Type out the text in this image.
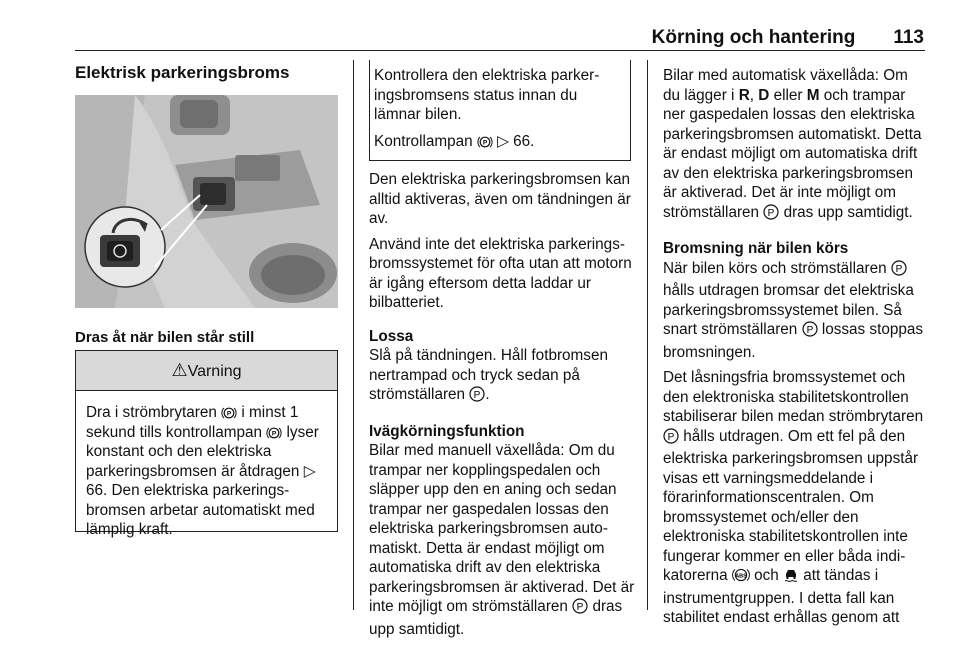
Körning och hantering 113
Elektrisk parkeringsbroms
Dras åt när bilen står still
⚠Varning
Dra i strömbrytaren P i minst 1 sekund tills kontrollampan P lyser konstant och den elektriska parkeringsbromsen är åtdragen ▷ 66. Den elektriska parkeringsbromsen arbetar automatiskt med lämplig kraft.

Kontrollera den elektriska parkeringsbromsens status innan du lämnar bilen.

Kontrollampan P ▷ 66.

Den elektriska parkeringsbromsen kan alltid aktiveras, även om tändningen är av.

Använd inte det elektriska parkeringsbromssystemet för ofta utan att motorn är igång eftersom detta laddar ur bilbatteriet.

Lossa

Slå på tändningen. Håll fotbromsen nertrampad och tryck sedan på strömställaren P .

Ivägkörningsfunktion

Bilar med manuell växellåda: Om du trampar ner kopplingspedalen och släpper upp den en aning och sedan trampar ner gaspedalen lossas den elektriska parkeringsbromsen automatiskt. Detta är endast möjligt om automatiska drift av den elektriska parkeringsbromsen är aktiverad. Det är inte möjligt om strömställaren P dras upp samtidigt.

Bilar med automatisk växellåda: Om du lägger i R, D eller M och trampar ner gaspedalen lossas den elektriska parkeringsbromsen automatiskt. Detta är endast möjligt om automatiska drift av den elektriska parkeringsbromsen är aktiverad. Det är inte möjligt om strömställaren P dras upp samtidigt.

Bromsning när bilen körs

När bilen körs och strömställaren P
hålls utdragen bromsar det elektriska parkeringsbromssystemet bilen. Så snart strömställaren P lossas stoppas bromsningen.

Det låsningsfria bromssystemet och den elektroniska stabilitetskontrollen stabiliserar bilen medan strömbrytaren
P hålls utdragen. Om ett fel på den elektriska parkeringsbromsen uppstår visas ett varningsmeddelande i förarinformationscentralen. Om bromssystemet och/eller den elektroniska stabilitetskontrollen inte fungerar kommer en eller båda indikatorerna ABS och att tändas i instrumentgruppen. I detta fall kan stabilitet endast erhållas genom att
